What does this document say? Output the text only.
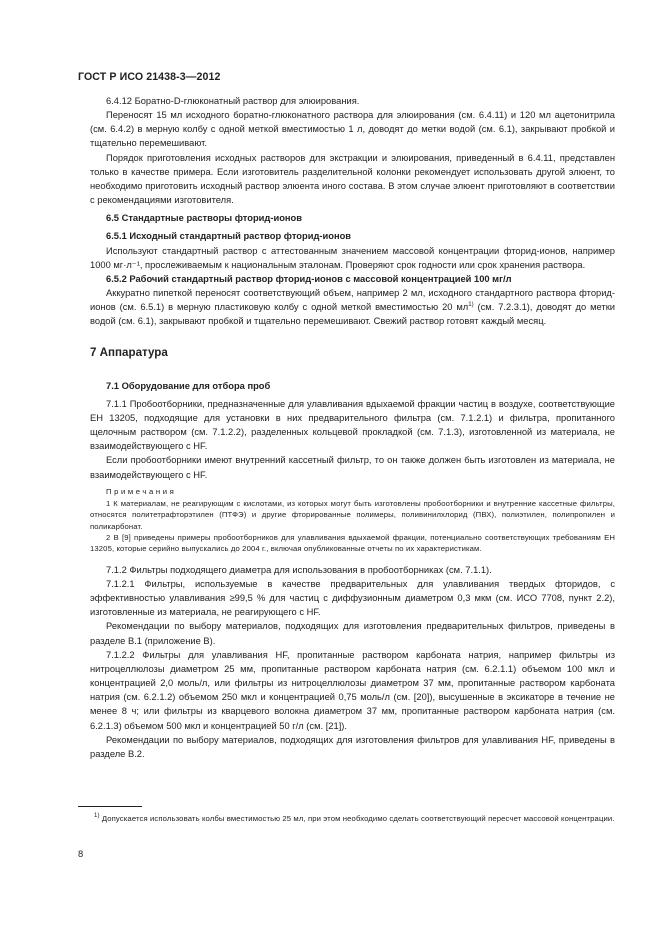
ГОСТ Р ИСО 21438-3—2012

6.4.12 Боратно-D-глюконатный раствор для элюирования.

Переносят 15 мл исходного боратно-глюконатного раствора для элюирования (см. 6.4.11) и 120 мл ацетонитрила (см. 6.4.2) в мерную колбу с одной меткой вместимостью 1 л, доводят до метки водой (см. 6.1), закрывают пробкой и тщательно перемешивают.

Порядок приготовления исходных растворов для экстракции и элюирования, приведенный в 6.4.11, представлен только в качестве примера. Если изготовитель разделительной колонки рекомендует использовать другой элюент, то необходимо приготовить исходный раствор элюента иного состава. В этом случае элюент приготовляют в соответствии с рекомендациями изготовителя.

6.5 Стандартные растворы фторид-ионов

6.5.1 Исходный стандартный раствор фторид-ионов

Используют стандартный раствор с аттестованным значением массовой концентрации фторид-ионов, например 1000 мг·л⁻¹, прослеживаемым к национальным эталонам. Проверяют срок годности или срок хранения раствора.

6.5.2 Рабочий стандартный раствор фторид-ионов с массовой концентрацией 100 мг/л

Аккуратно пипеткой переносят соответствующий объем, например 2 мл, исходного стандартного раствора фторид-ионов (см. 6.5.1) в мерную пластиковую колбу с одной меткой вместимостью 20 $мл^{1)}$ (см. 7.2.3.1), доводят до метки водой (см. 6.1), закрывают пробкой и тщательно перемешивают. Свежий раствор готовят каждый месяц.

7 Аппаратура

7.1 Оборудование для отбора проб

7.1.1 Пробоотборники, предназначенные для улавливания вдыхаемой фракции частиц в воздухе, соответствующие ЕН 13205, подходящие для установки в них предварительного фильтра (см. 7.1.2.1) и фильтра, пропитанного щелочным раствором (см. 7.1.2.2), разделенных кольцевой прокладкой (см. 7.1.3), изготовленной из материала, не взаимодействующего с HF.

Если пробоотборники имеют внутренний кассетный фильтр, то он также должен быть изготовлен из материала, не взаимодействующего с HF.

Примечания

1 К материалам, не реагирующим с кислотами, из которых могут быть изготовлены пробоотборники и внутренние кассетные фильтры, относятся политетрафторэтилен (ПТФЭ) и другие фторированные полимеры, поливинилхлорид (ПВХ), полиэтилен, полипропилен и поликарбонат.

2 В [9] приведены примеры пробоотборников для улавливания вдыхаемой фракции, потенциально соответствующих требованиям ЕН 13205, которые серийно выпускались до 2004 г., включая опубликованные отчеты по их характеристикам.

7.1.2 Фильтры подходящего диаметра для использования в пробоотборниках (см. 7.1.1).

7.1.2.1 Фильтры, используемые в качестве предварительных для улавливания твердых фторидов, с эффективностью улавливания ≥99,5 % для частиц с диффузионным диаметром 0,3 мкм (см. ИСО 7708, пункт 2.2), изготовленные из материала, не реагирующего с HF.

Рекомендации по выбору материалов, подходящих для изготовления предварительных фильтров, приведены в разделе В.1 (приложение В).

7.1.2.2 Фильтры для улавливания HF, пропитанные раствором карбоната натрия, например фильтры из нитроцеллюлозы диаметром 25 мм, пропитанные раствором карбоната натрия (см. 6.2.1.1) объемом 100 мкл и концентрацией 2,0 моль/л, или фильтры из нитроцеллюлозы диаметром 37 мм, пропитанные раствором карбоната натрия (см. 6.2.1.2) объемом 250 мкл и концентрацией 0,75 моль/л (см. [20]), высушенные в эксикаторе в течение не менее 8 ч; или фильтры из кварцевого волокна диаметром 37 мм, пропитанные раствором карбоната натрия (см. 6.2.1.3) объемом 500 мкл и концентрацией 50 г/л (см. [21]).

Рекомендации по выбору материалов, подходящих для изготовления фильтров для улавливания HF, приведены в разделе В.2.

$^{1)}$ Допускается использовать колбы вместимостью 25 мл, при этом необходимо сделать соответствующий пересчет массовой концентрации.

8
